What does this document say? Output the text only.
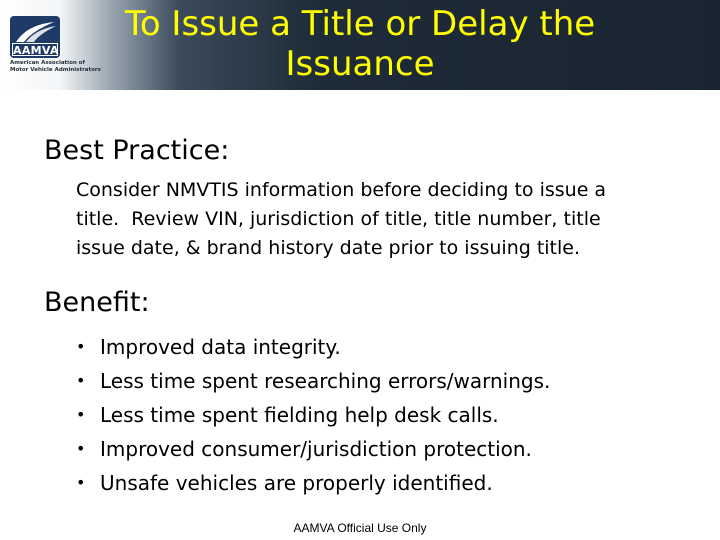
AAMVA
American Association of
Motor Vehicle Administrators
To Issue a Title or Delay the
Issuance
Best Practice:
Consider NMVTIS information before deciding to issue a
title.  Review VIN, jurisdiction of title, title number, title
issue date, & brand history date prior to issuing title.
Benefit:
• Improved data integrity.
• Less time spent researching errors/warnings.
• Less time spent fielding help desk calls.
• Improved consumer/jurisdiction protection.
• Unsafe vehicles are properly identified.
AAMVA Official Use Only
